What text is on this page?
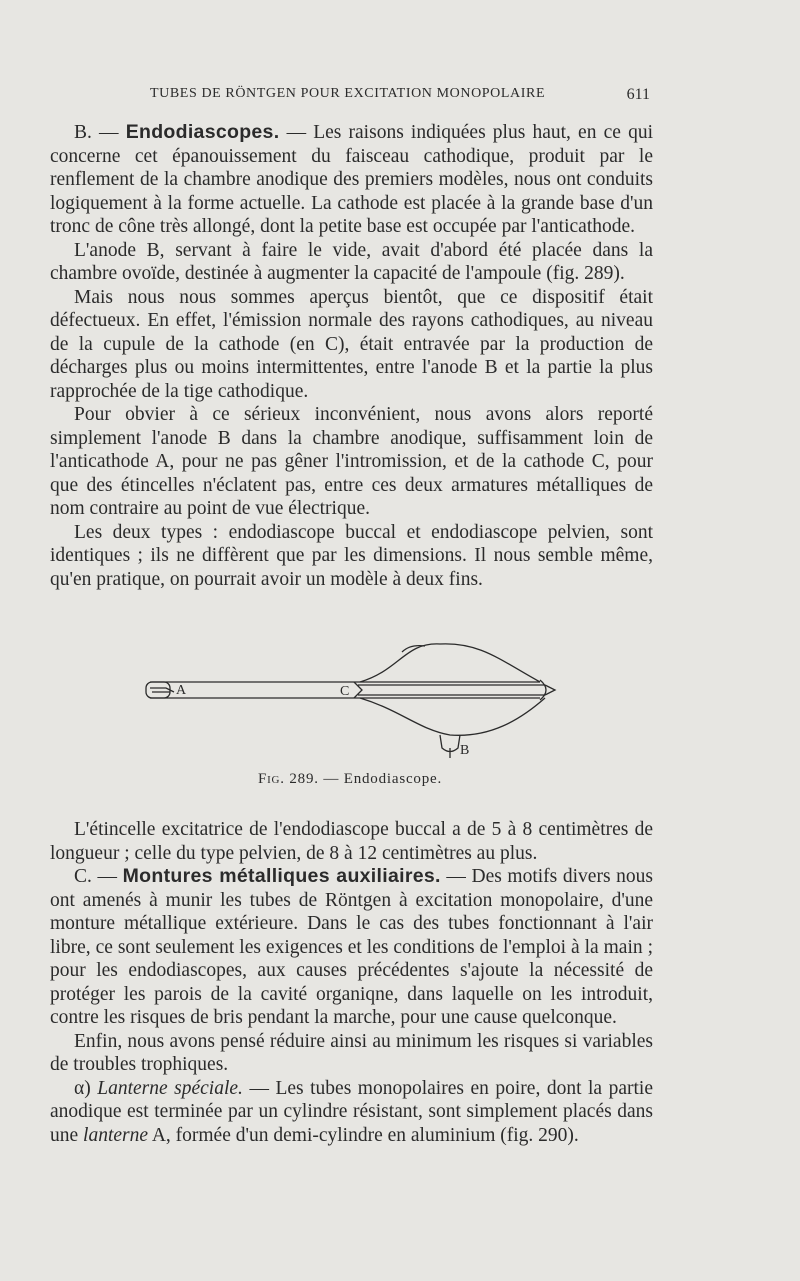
TUBES DE RÖNTGEN POUR EXCITATION MONOPOLAIRE	611

B. — Endodiascopes. — Les raisons indiquées plus haut, en ce qui concerne cet épanouissement du faisceau cathodique, produit par le renflement de la chambre anodique des premiers modèles, nous ont conduits logiquement à la forme actuelle. La cathode est placée à la grande base d'un tronc de cône très allongé, dont la petite base est occupée par l'anticathode.

L'anode B, servant à faire le vide, avait d'abord été placée dans la chambre ovoïde, destinée à augmenter la capacité de l'ampoule (fig. 289).

Mais nous nous sommes aperçus bientôt, que ce dispositif était défectueux. En effet, l'émission normale des rayons cathodiques, au niveau de la cupule de la cathode (en C), était entravée par la production de décharges plus ou moins intermittentes, entre l'anode B et la partie la plus rapprochée de la tige cathodique.

Pour obvier à ce sérieux inconvénient, nous avons alors reporté simplement l'anode B dans la chambre anodique, suffisamment loin de l'anticathode A, pour ne pas gêner l'intromission, et de la cathode C, pour que des étincelles n'éclatent pas, entre ces deux armatures métalliques de nom contraire au point de vue électrique.

Les deux types : endodiascope buccal et endodiascope pelvien, sont identiques ; ils ne diffèrent que par les dimensions. Il nous semble même, qu'en pratique, on pourrait avoir un modèle à deux fins.

A	C
B
Fig. 289. — Endodiascope.

L'étincelle excitatrice de l'endodiascope buccal a de 5 à 8 centimètres de longueur ; celle du type pelvien, de 8 à 12 centimètres au plus.

C. — Montures métalliques auxiliaires. — Des motifs divers nous ont amenés à munir les tubes de Röntgen à excitation monopolaire, d'une monture métallique extérieure. Dans le cas des tubes fonctionnant à l'air libre, ce sont seulement les exigences et les conditions de l'emploi à la main ; pour les endodiascopes, aux causes précédentes s'ajoute la nécessité de protéger les parois de la cavité organiqne, dans laquelle on les introduit, contre les risques de bris pendant la marche, pour une cause quelconque.

Enfin, nous avons pensé réduire ainsi au minimum les risques si variables de troubles trophiques.

α) Lanterne spéciale. — Les tubes monopolaires en poire, dont la partie anodique est terminée par un cylindre résistant, sont simplement placés dans une lanterne A, formée d'un demi-cylindre en aluminium (fig. 290).
